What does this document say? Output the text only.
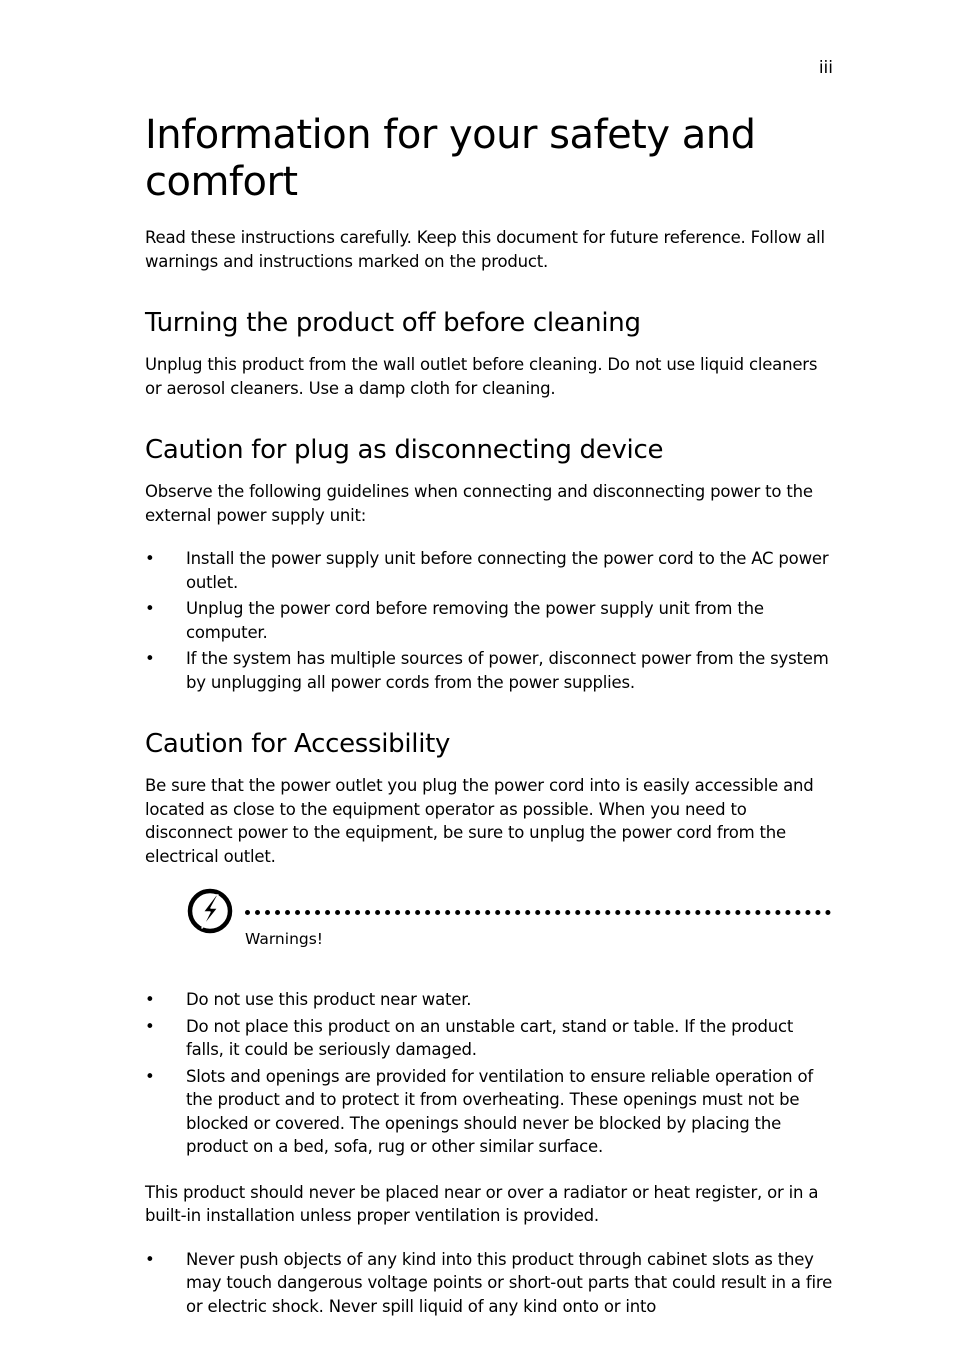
iii
Information for your safety and comfort

Read these instructions carefully. Keep this document for future reference. Follow all warnings and instructions marked on the product.

Turning the product off before cleaning

Unplug this product from the wall outlet before cleaning. Do not use liquid cleaners or aerosol cleaners. Use a damp cloth for cleaning.

Caution for plug as disconnecting device

Observe the following guidelines when connecting and disconnecting power to the external power supply unit:

• Install the power supply unit before connecting the power cord to the AC power outlet.
• Unplug the power cord before removing the power supply unit from the computer.
• If the system has multiple sources of power, disconnect power from the system by unplugging all power cords from the power supplies.
Caution for Accessibility

Be sure that the power outlet you plug the power cord into is easily accessible and located as close to the equipment operator as possible. When you need to disconnect power to the equipment, be sure to unplug the power cord from the electrical outlet.

Warnings!
• Do not use this product near water.
• Do not place this product on an unstable cart, stand or table. If the product falls, it could be seriously damaged.
• Slots and openings are provided for ventilation to ensure reliable operation of the product and to protect it from overheating. These openings must not be blocked or covered. The openings should never be blocked by placing the product on a bed, sofa, rug or other similar surface.

This product should never be placed near or over a radiator or heat register, or in a built-in installation unless proper ventilation is provided.

• Never push objects of any kind into this product through cabinet slots as they may touch dangerous voltage points or short-out parts that could result in a fire or electric shock. Never spill liquid of any kind onto or into
